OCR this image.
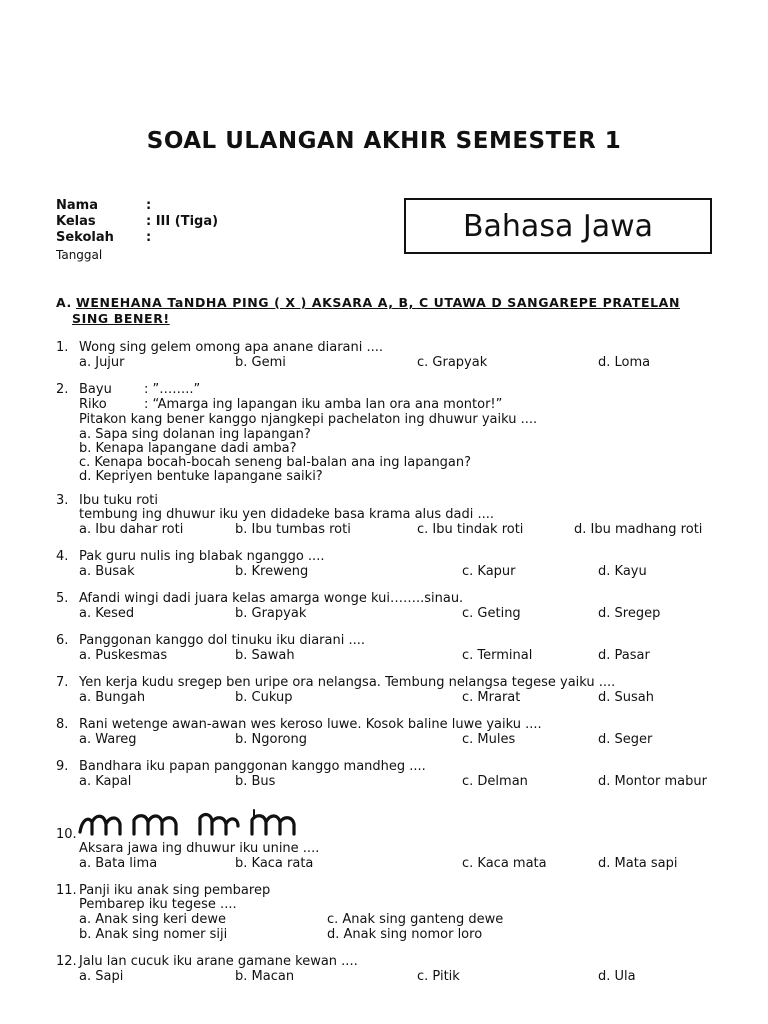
SOAL ULANGAN AKHIR SEMESTER 1
Nama	:
Kelas	: III (Tiga)
Sekolah :
Tanggal
Bahasa Jawa
A. WENEHANA TaNDHA PING ( X ) AKSARA A, B, C UTAWA D SANGAREPE PRATELAN
SING BENER!
1. Wong sing gelem omong apa anane diarani ....
a. Jujur	b. Gemi	c. Grapyak	d. Loma
2. Bayu : ”……..”
Riko	: “Amarga ing lapangan iku amba lan ora ana montor!”
Pitakon kang bener kanggo njangkepi pachelaton ing dhuwur yaiku ....
a. Sapa sing dolanan ing lapangan?
b. Kenapa lapangane dadi amba?
c. Kenapa bocah-bocah seneng bal-balan ana ing lapangan?
d. Kepriyen bentuke lapangane saiki?
3. Ibu tuku roti
tembung ing dhuwur iku yen didadeke basa krama alus dadi ....
a. Ibu dahar roti	b. Ibu tumbas roti	c. Ibu tindak roti	d. Ibu madhang roti
4. Pak guru nulis ing blabak nganggo ....
a. Busak	b. Kreweng	c. Kapur	d. Kayu
5. Afandi wingi dadi juara kelas amarga wonge kui……..sinau.
a. Kesed	b. Grapyak	c. Geting	d. Sregep
6. Panggonan kanggo dol tinuku iku diarani ....
a. Puskesmas	b. Sawah	c. Terminal	d. Pasar
7. Yen kerja kudu sregep ben uripe ora nelangsa. Tembung nelangsa tegese yaiku ....
a. Bungah	b. Cukup	c. Mrarat	d. Susah
8. Rani wetenge awan-awan wes keroso luwe. Kosok baline luwe yaiku ....
a. Wareg	b. Ngorong	c. Mules	d. Seger
9. Bandhara iku papan panggonan kanggo mandheg ....
a. Kapal	b. Bus	c. Delman	d. Montor mabur
10.
Aksara jawa ing dhuwur iku unine ....
a. Bata lima	b. Kaca rata	c. Kaca mata	d. Mata sapi
11. Panji iku anak sing pembarep
Pembarep iku tegese ....
a. Anak sing keri dewe	c. Anak sing ganteng dewe
b. Anak sing nomer siji	d. Anak sing nomor loro
12. Jalu lan cucuk iku arane gamane kewan ....
a. Sapi	b. Macan	c. Pitik	d. Ula
